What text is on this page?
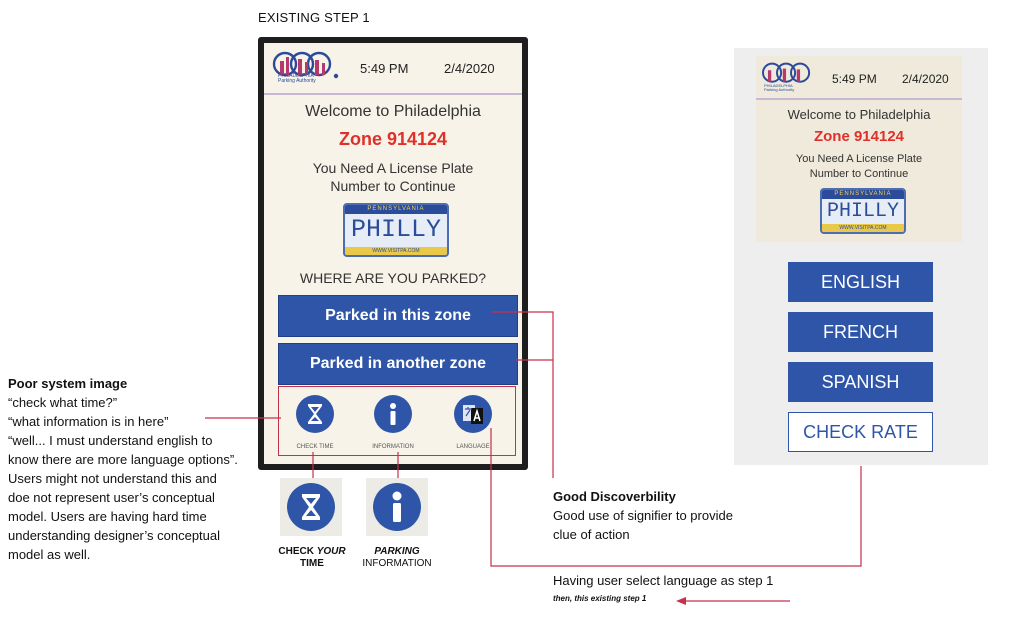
EXISTING STEP 1
PHILADELPHIA Parking Authority
5:49 PM	2/4/2020
Welcome to Philadelphia
Zone 914124
You Need A License Plate
Number to Continue
PENNSYLVANIA
PHILLY
WWW.VISITPA.COM
WHERE ARE YOU PARKED?
Parked in this zone
Parked in another zone
CHECK TIME	INFORMATION	LANGUAGE
PHILADELPHIA Parking Authority
5:49 PM 2/4/2020
Welcome to Philadelphia
Zone 914124
You Need A License Plate
Number to Continue
PENNSYLVANIA
PHILLY
WWW.VISITPA.COM
ENGLISH
FRENCH
SPANISH
CHECK RATE
Poor system image
“check what time?”
“what information is in here”
“well... I must understand english to
know there are more language options”.
Users might not understand this and
doe not represent user’s conceptual
model. Users are having hard time
understanding designer’s conceptual
model as well.	CHECK YOUR
TIME
PARKING
INFORMATION
Good Discoverbility
Good use of signifier to provide
clue of action
Having user select language as step 1
then, this existing step 1
